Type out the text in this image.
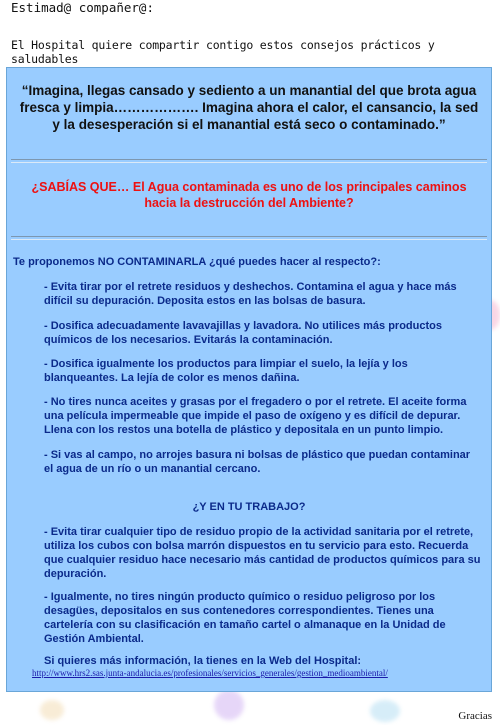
Estimad@ compañer@:
El Hospital quiere compartir contigo estos consejos prácticos y saludables
“Imagina, llegas cansado y sediento a un manantial del que brota agua fresca y limpia………………. Imagina ahora el calor, el cansancio, la sed y la desesperación si el manantial está seco o contaminado.”
¿SABÍAS QUE… El Agua contaminada es uno de los principales caminos hacia la destrucción del Ambiente?
Te proponemos NO CONTAMINARLA ¿qué puedes hacer al respecto?:
- Evita tirar por el retrete residuos y deshechos. Contamina el agua y hace más difícil su depuración. Deposita estos en las bolsas de basura.
- Dosifica adecuadamente lavavajillas y lavadora. No utilices más productos químicos de los necesarios. Evitarás la contaminación.
- Dosifica igualmente los productos para limpiar el suelo, la lejía y los blanqueantes. La lejía de color es menos dañina.
- No tires nunca aceites y grasas por el fregadero o por el retrete. El aceite forma una película impermeable que impide el paso de oxígeno y es difícil de depurar. Llena con los restos una botella de plástico y depositala en un punto limpio.
- Si vas al campo, no arrojes basura ni bolsas de plástico que puedan contaminar el agua de un río o un manantial cercano.
¿Y EN TU TRABAJO?
- Evita tirar cualquier tipo de residuo propio de la actividad sanitaria por el retrete, utiliza los cubos con bolsa marrón dispuestos en tu servicio para esto. Recuerda que cualquier residuo hace necesario más cantidad de productos químicos para su depuración.
- Igualmente, no tires ningún producto químico o residuo peligroso por los desagües, depositalos en sus contenedores correspondientes. Tienes una cartelería con su clasificación en tamaño cartel o almanaque en la Unidad de Gestión Ambiental.
Si quieres más información, la tienes en la Web del Hospital:
http://www.hrs2.sas.junta-andalucia.es/profesionales/servicios_generales/gestion_medioambiental/
Gracias
